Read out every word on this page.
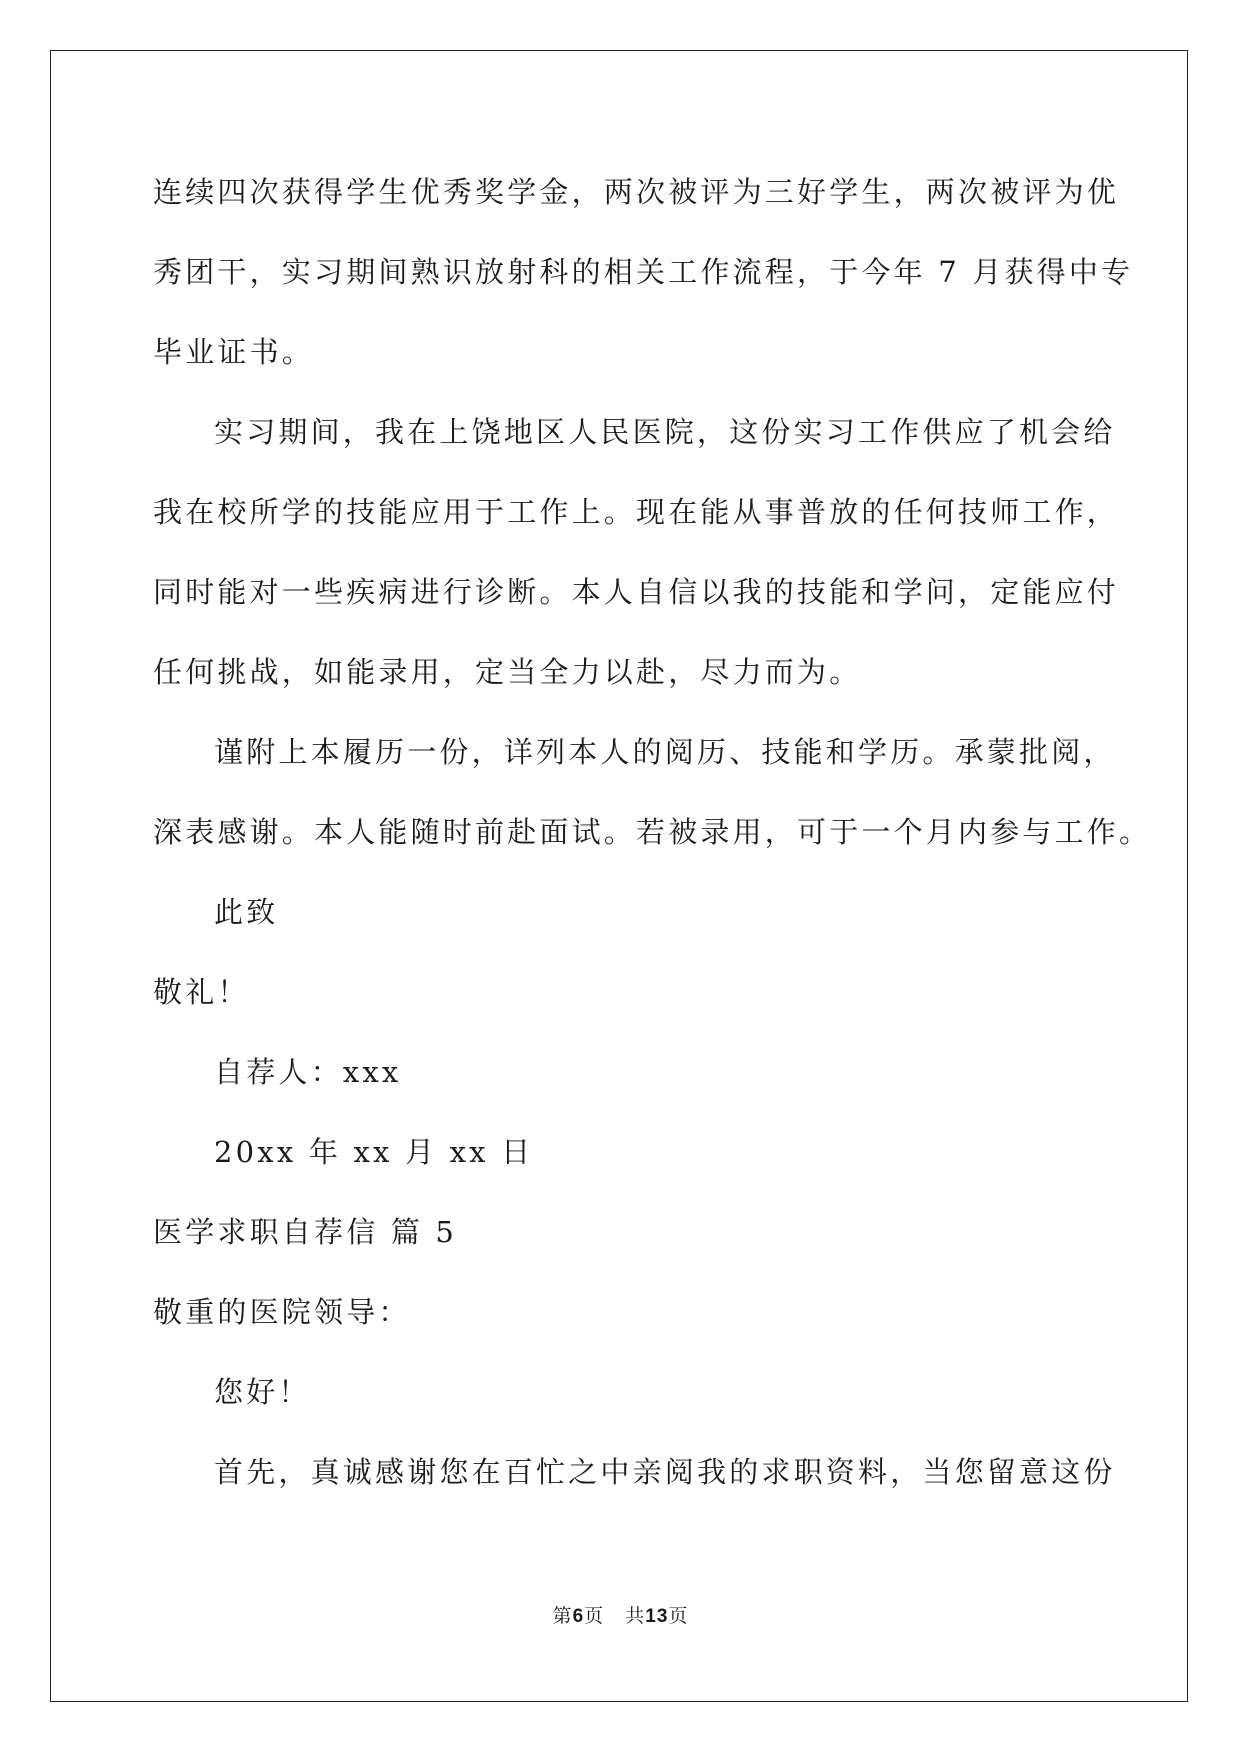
连续四次获得学生优秀奖学金，两次被评为三好学生，两次被评为优
秀团干，实习期间熟识放射科的相关工作流程，于今年 7 月获得中专
毕业证书。
实习期间，我在上饶地区人民医院，这份实习工作供应了机会给
我在校所学的技能应用于工作上。现在能从事普放的任何技师工作，
同时能对一些疾病进行诊断。本人自信以我的技能和学问，定能应付
任何挑战，如能录用，定当全力以赴，尽力而为。
谨附上本履历一份，详列本人的阅历、技能和学历。承蒙批阅，
深表感谢。本人能随时前赴面试。若被录用，可于一个月内参与工作。
此致
敬礼！
自荐人：xxx
20xx 年 xx 月 xx 日
医学求职自荐信 篇 5
敬重的医院领导：
您好！
首先，真诚感谢您在百忙之中亲阅我的求职资料，当您留意这份
第6页 共13页
